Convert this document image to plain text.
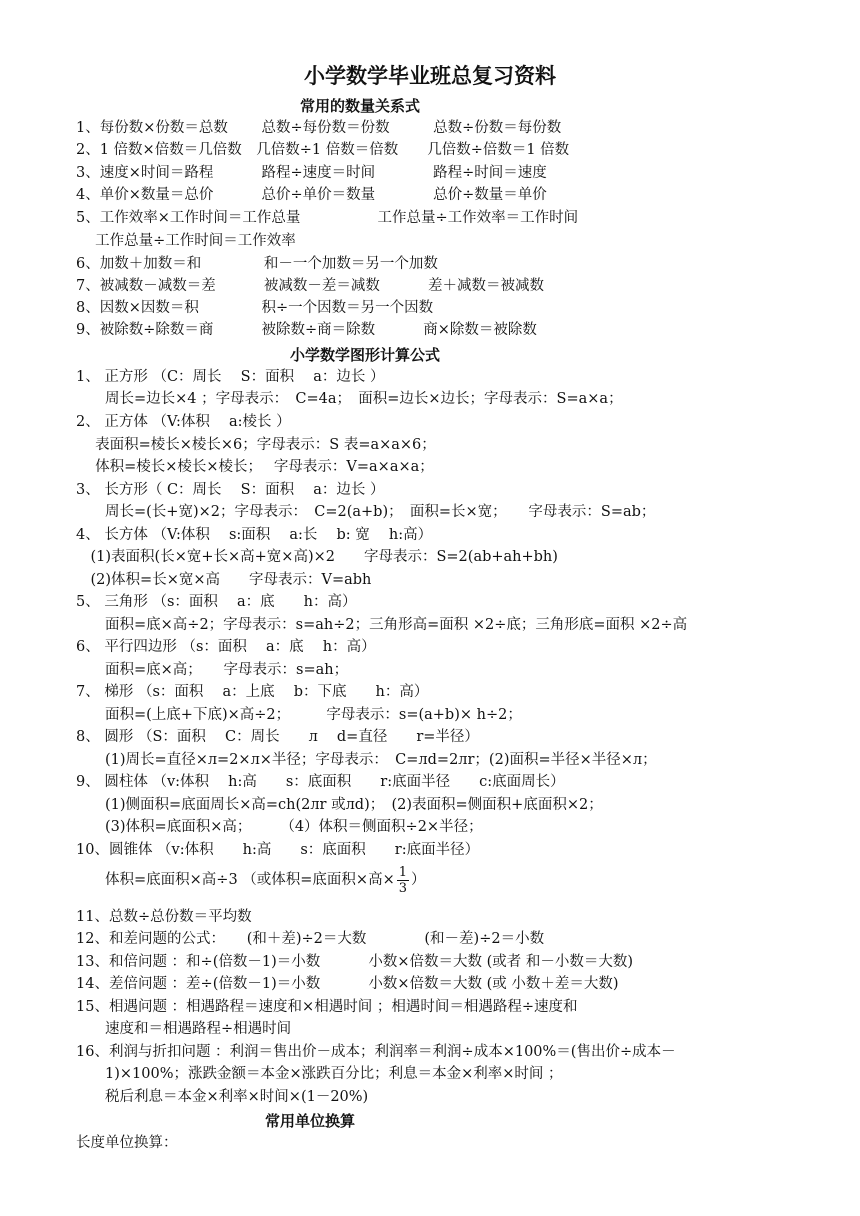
小学数学毕业班总复习资料
常用的数量关系式
1、每份数×份数＝总数　　 总数÷每份数＝份数　　　总数÷份数＝每份数
2、1 倍数×倍数＝几倍数　几倍数÷1 倍数＝倍数　　几倍数÷倍数＝1 倍数
3、速度×时间＝路程　　　 路程÷速度＝时间　　　　路程÷时间＝速度
4、单价×数量＝总价　　　 总价÷单价＝数量　　　　总价÷数量＝单价
5、工作效率×工作时间＝工作总量　　　　　 工作总量÷工作效率＝工作时间
　 工作总量÷工作时间＝工作效率
6、加数＋加数＝和　　　　 和－一个加数＝另一个加数
7、被减数－减数＝差　　　 被减数－差＝减数　　　 差＋减数＝被减数
8、因数×因数＝积　　　　 积÷一个因数＝另一个因数
9、被除数÷除数＝商　　　 被除数÷商＝除数　　　 商×除数＝被除数
小学数学图形计算公式
1、 正方形 （C：周长　 S：面积　 a：边长 ）
　　周长=边长×4 ；字母表示：　C=4a；　面积=边长×边长；字母表示：S=a×a；
2、 正方体 （V:体积　 a:棱长 ）
　 表面积=棱长×棱长×6；字母表示：S 表=a×a×6；
　 体积=棱长×棱长×棱长；　 字母表示：V=a×a×a；
3、 长方形（ C：周长　 S：面积　 a：边长 ）
　　周长=(长+宽)×2；字母表示：　C=2(a+b)；　面积=长×宽；　　字母表示：S=ab；
4、 长方体 （V:体积　 s:面积　 a:长　 b: 宽　 h:高）
　(1)表面积(长×宽+长×高+宽×高)×2　　字母表示：S=2(ab+ah+bh)
　(2)体积=长×宽×高　　字母表示：V=abh
5、 三角形 （s：面积　 a：底　　h：高）
　　面积=底×高÷2；字母表示：s=ah÷2；三角形高=面积 ×2÷底；三角形底=面积 ×2÷高
6、 平行四边形 （s：面积　 a：底　 h：高）
　　面积=底×高；　　字母表示：s=ah；
7、 梯形 （s：面积　 a：上底　 b：下底　　h：高）
　　面积=(上底+下底)×高÷2；　　　字母表示：s=(a+b)× h÷2；
8、 圆形 （S：面积　 C：周长　　л　 d=直径　　r=半径）
　　(1)周长=直径×л=2×л×半径；字母表示：　C=лd=2лr；(2)面积=半径×半径×л；
9、 圆柱体 （v:体积　 h:高　　s：底面积　　r:底面半径　　c:底面周长）
　　(1)侧面积=底面周长×高=ch(2лr 或лd)；　(2)表面积=侧面积+底面积×2；
　　(3)体积=底面积×高；　　　（4）体积＝侧面积÷2×半径；
10、圆锥体 （v:体积　　h:高　　s：底面积　　r:底面半径）
　　体积=底面积×高÷3 （或体积=底面积×高× $\frac{1}{3}$ ）
11、总数÷总份数＝平均数
12、和差问题的公式：　　(和＋差)÷2＝大数　　　　(和－差)÷2＝小数
13、和倍问题 ：和÷(倍数－1)＝小数　　　 小数×倍数＝大数 (或者 和－小数＝大数)
14、差倍问题 ：差÷(倍数－1)＝小数　　　 小数×倍数＝大数 (或 小数＋差＝大数)
15、相遇问题 ：相遇路程＝速度和×相遇时间 ；相遇时间＝相遇路程÷速度和
　　速度和＝相遇路程÷相遇时间
16、利润与折扣问题 ：利润＝售出价－成本；利润率＝利润÷成本×100%＝(售出价÷成本－
　　1)×100%；涨跌金额＝本金×涨跌百分比；利息＝本金×利率×时间 ；
　　税后利息＝本金×利率×时间×(1－20%)
常用单位换算
长度单位换算：
